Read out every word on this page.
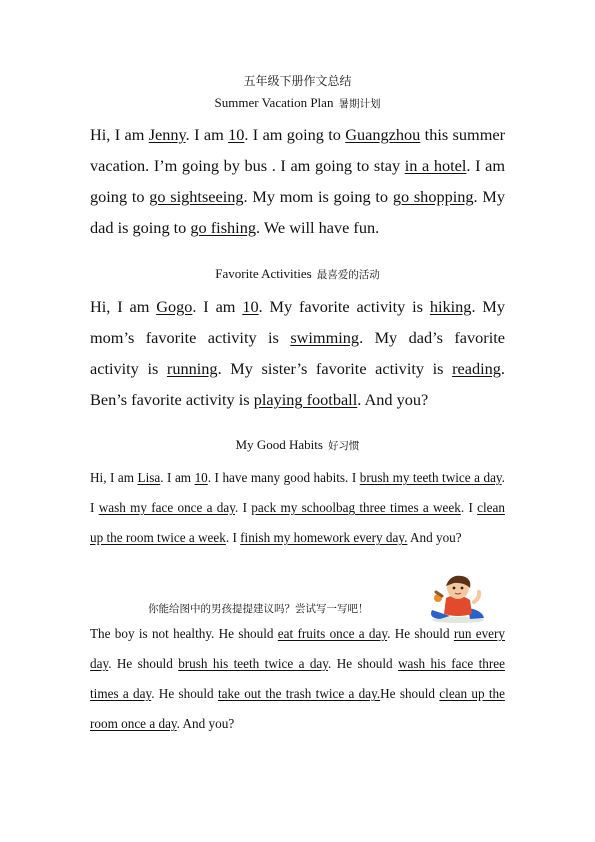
五年级下册作文总结
Summer Vacation Plan 暑期计划
Hi, I am Jenny. I am 10. I am going to Guangzhou this summer vacation. I’m going by bus . I am going to stay in a hotel. I am going to go sightseeing. My mom is going to go shopping. My dad is going to go fishing. We will have fun.
Favorite Activities 最喜爱的活动
Hi, I am Gogo. I am 10. My favorite activity is hiking. My mom’s favorite activity is swimming. My dad’s favorite activity is running. My sister’s favorite activity is reading. Ben’s favorite activity is playing football. And you?
My Good Habits 好习惯
Hi, I am Lisa. I am 10. I have many good habits. I brush my teeth twice a day. I wash my face once a day. I pack my schoolbag three times a week. I clean up the room twice a week. I finish my homework every day. And you?
你能给图中的男孩提提建议吗？尝试写一写吧！
The boy is not healthy. He should eat fruits once a day. He should run every day. He should brush his teeth twice a day. He should wash his face three times a day. He should take out the trash twice a day.He should clean up the room once a day. And you?
